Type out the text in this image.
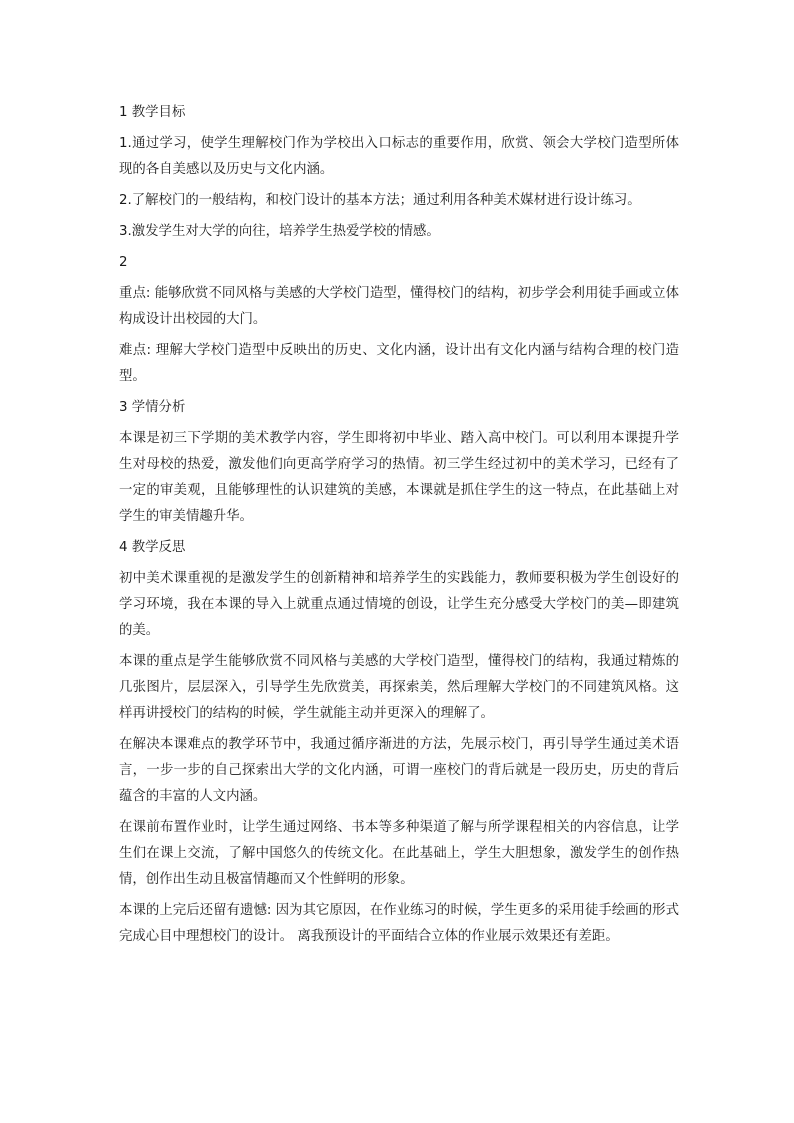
1 教学目标
1.通过学习，使学生理解校门作为学校出入口标志的重要作用，欣赏、领会大学校门造型所体现的各自美感以及历史与文化内涵。
2.了解校门的一般结构，和校门设计的基本方法；通过利用各种美术媒材进行设计练习。
3.激发学生对大学的向往，培养学生热爱学校的情感。
2
重点: 能够欣赏不同风格与美感的大学校门造型，懂得校门的结构，初步学会利用徒手画或立体构成设计出校园的大门。
难点: 理解大学校门造型中反映出的历史、文化内涵，设计出有文化内涵与结构合理的校门造型。
3 学情分析
本课是初三下学期的美术教学内容，学生即将初中毕业、踏入高中校门。可以利用本课提升学生对母校的热爱，激发他们向更高学府学习的热情。初三学生经过初中的美术学习，已经有了一定的审美观，且能够理性的认识建筑的美感，本课就是抓住学生的这一特点，在此基础上对学生的审美情趣升华。
4 教学反思
初中美术课重视的是激发学生的创新精神和培养学生的实践能力，教师要积极为学生创设好的学习环境，我在本课的导入上就重点通过情境的创设，让学生充分感受大学校门的美—即建筑的美。
本课的重点是学生能够欣赏不同风格与美感的大学校门造型，懂得校门的结构，我通过精炼的几张图片，层层深入，引导学生先欣赏美，再探索美，然后理解大学校门的不同建筑风格。这样再讲授校门的结构的时候，学生就能主动并更深入的理解了。
在解决本课难点的教学环节中，我通过循序渐进的方法，先展示校门，再引导学生通过美术语言，一步一步的自己探索出大学的文化内涵，可谓一座校门的背后就是一段历史，历史的背后蕴含的丰富的人文内涵。
在课前布置作业时，让学生通过网络、书本等多种渠道了解与所学课程相关的内容信息，让学生们在课上交流，了解中国悠久的传统文化。在此基础上，学生大胆想象，激发学生的创作热情，创作出生动且极富情趣而又个性鲜明的形象。
本课的上完后还留有遗憾: 因为其它原因，在作业练习的时候，学生更多的采用徒手绘画的形式完成心目中理想校门的设计。 离我预设计的平面结合立体的作业展示效果还有差距。
